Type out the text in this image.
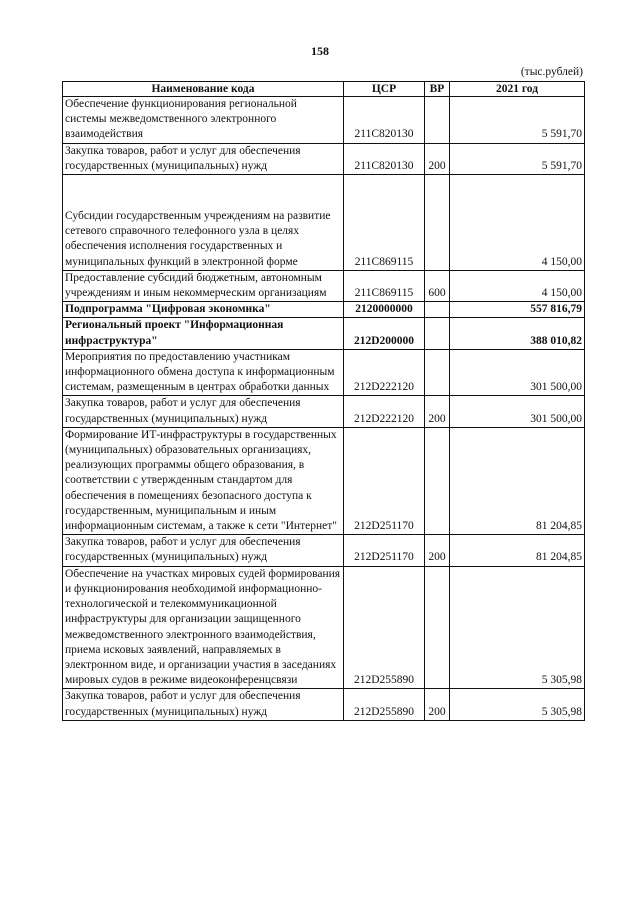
158
(тыс.рублей)
Наименование кода	ЦСР	ВР	2021 год
Обеспечение функционирования региональной системы межведомственного электронного взаимодействия	211C820130		5 591,70
Закупка товаров, работ и услуг для обеспечения государственных (муниципальных) нужд	211C820130	200	5 591,70

Субсидии государственным учреждениям на развитие сетевого справочного телефонного узла в целях обеспечения исполнения государственных и муниципальных функций в электронной форме	211C869115		4 150,00
Предоставление субсидий бюджетным, автономным учреждениям и иным некоммерческим организациям	211C869115	600	4 150,00
Подпрограмма "Цифровая экономика"	2120000000		557 816,79
Региональный проект "Информационная инфраструктура"	212D200000		388 010,82
Мероприятия по предоставлению участникам информационного обмена доступа к информационным системам, размещенным в центрах обработки данных	212D222120		301 500,00
Закупка товаров, работ и услуг для обеспечения государственных (муниципальных) нужд	212D222120	200	301 500,00
Формирование ИТ-инфраструктуры в государственных (муниципальных) образовательных организациях, реализующих программы общего образования, в соответствии с утвержденным стандартом для обеспечения в помещениях безопасного доступа к государственным, муниципальным и иным информационным системам, а также к сети "Интернет"	212D251170		81 204,85
Закупка товаров, работ и услуг для обеспечения государственных (муниципальных) нужд	212D251170	200	81 204,85
Обеспечение на участках мировых судей формирования и функционирования необходимой информационно-технологической и телекоммуникационной инфраструктуры для организации защищенного межведомственного электронного взаимодействия, приема исковых заявлений, направляемых в электронном виде, и организации участия в заседаниях мировых судов в режиме видеоконференцсвязи	212D255890		5 305,98
Закупка товаров, работ и услуг для обеспечения государственных (муниципальных) нужд	212D255890	200	5 305,98
